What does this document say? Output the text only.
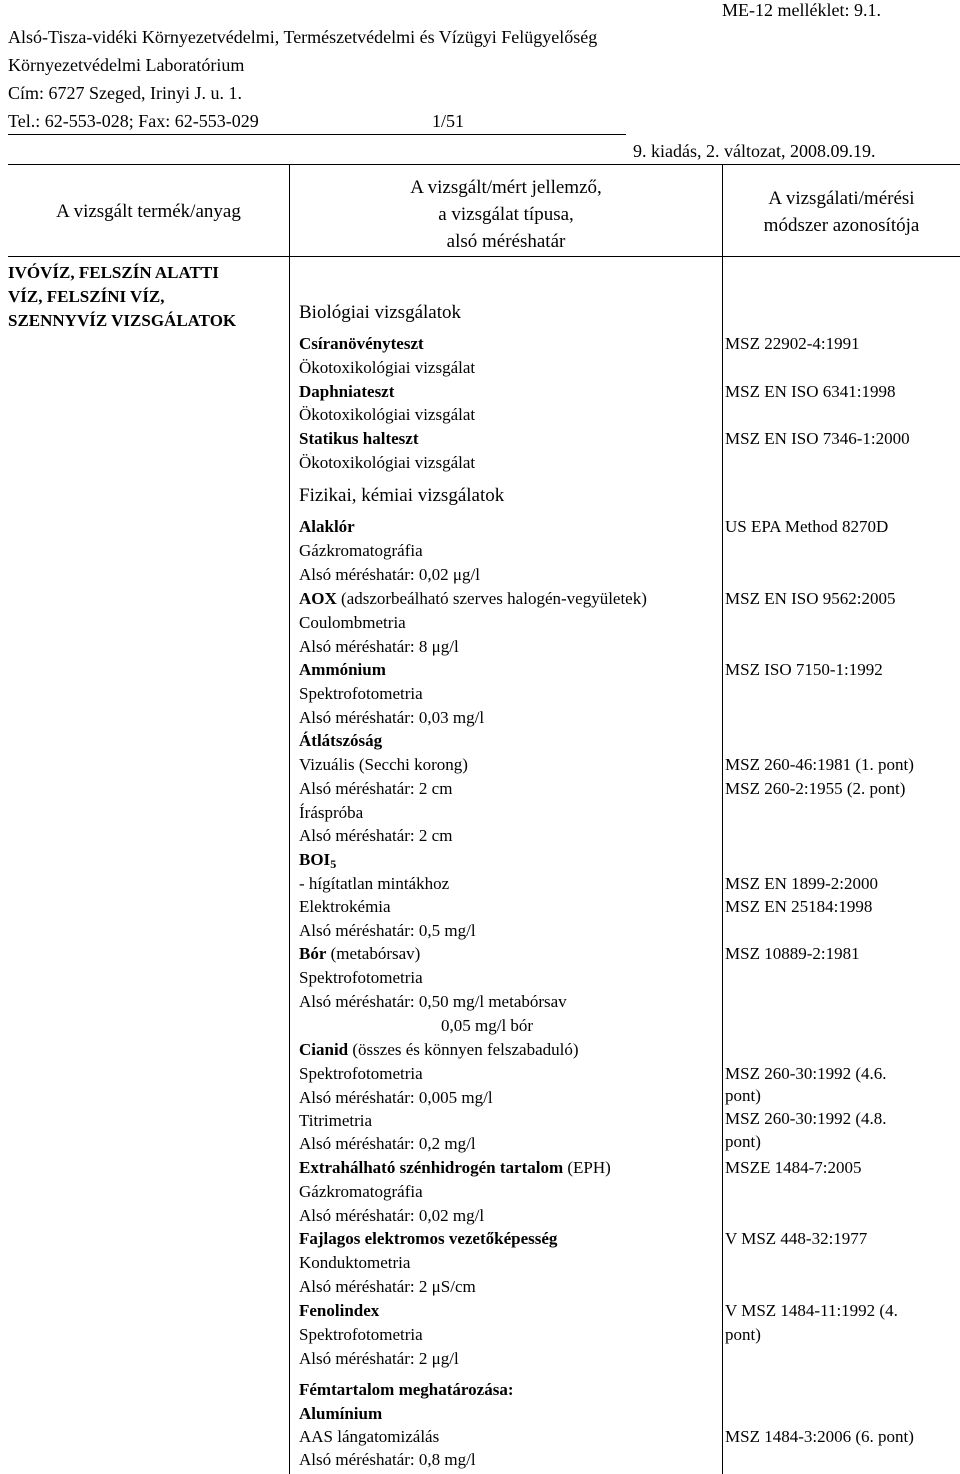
ME-12 melléklet: 9.1.
Alsó-Tisza-vidéki Környezetvédelmi, Természetvédelmi és Vízügyi Felügyelőség
Környezetvédelmi Laboratórium
Cím: 6727 Szeged, Irinyi J. u. 1.
Tel.: 62-553-028; Fax: 62-553-029	1/51
9. kiadás, 2. változat, 2008.09.19.
A vizsgált termék/anyag
A vizsgált/mért jellemző,
a vizsgálat típusa,
alsó méréshatár
A vizsgálati/mérési
módszer azonosítója
IVÓVÍZ, FELSZÍN ALATTI
VÍZ, FELSZÍNI VÍZ,
SZENNYVÍZ VIZSGÁLATOK	Biológiai vizsgálatok
Csíranövényteszt	MSZ 22902-4:1991
Ökotoxikológiai vizsgálat
Daphniateszt	MSZ EN ISO 6341:1998
Ökotoxikológiai vizsgálat
Statikus halteszt	MSZ EN ISO 7346-1:2000
Ökotoxikológiai vizsgálat
Fizikai, kémiai vizsgálatok
Alaklór	US EPA Method 8270D
Gázkromatográfia
Alsó méréshatár: 0,02 μg/l
AOX (adszorbeálható szerves halogén-vegyületek)	MSZ EN ISO 9562:2005
Coulombmetria
Alsó méréshatár: 8 μg/l
Ammónium	MSZ ISO 7150-1:1992
Spektrofotometria
Alsó méréshatár: 0,03 mg/l
Átlátszóság
Vizuális (Secchi korong)	MSZ 260-46:1981 (1. pont)
Alsó méréshatár: 2 cm	MSZ 260-2:1955 (2. pont)
Íráspróba
Alsó méréshatár: 2 cm
$BOI_5$
- hígítatlan mintákhoz	MSZ EN 1899-2:2000
Elektrokémia	MSZ EN 25184:1998
Alsó méréshatár: 0,5 mg/l
Bór (metabórsav)	MSZ 10889-2:1981
Spektrofotometria
Alsó méréshatár: 0,50 mg/l metabórsav
0,05 mg/l bór
Cianid (összes és könnyen felszabaduló)
Spektrofotometria	MSZ 260-30:1992 (4.6.
Alsó méréshatár: 0,005 mg/l	pont)
Titrimetria	MSZ 260-30:1992 (4.8.
Alsó méréshatár: 0,2 mg/l	pont)
Extrahálható szénhidrogén tartalom (EPH)	MSZE 1484-7:2005
Gázkromatográfia
Alsó méréshatár: 0,02 mg/l
Fajlagos elektromos vezetőképesség	V MSZ 448-32:1977
Konduktometria
Alsó méréshatár: 2 μS/cm
Fenolindex	V MSZ 1484-11:1992 (4.
Spektrofotometria	pont)
Alsó méréshatár: 2 μg/l
Fémtartalom meghatározása:
Alumínium
AAS lángatomizálás	MSZ 1484-3:2006 (6. pont)
Alsó méréshatár: 0,8 mg/l
